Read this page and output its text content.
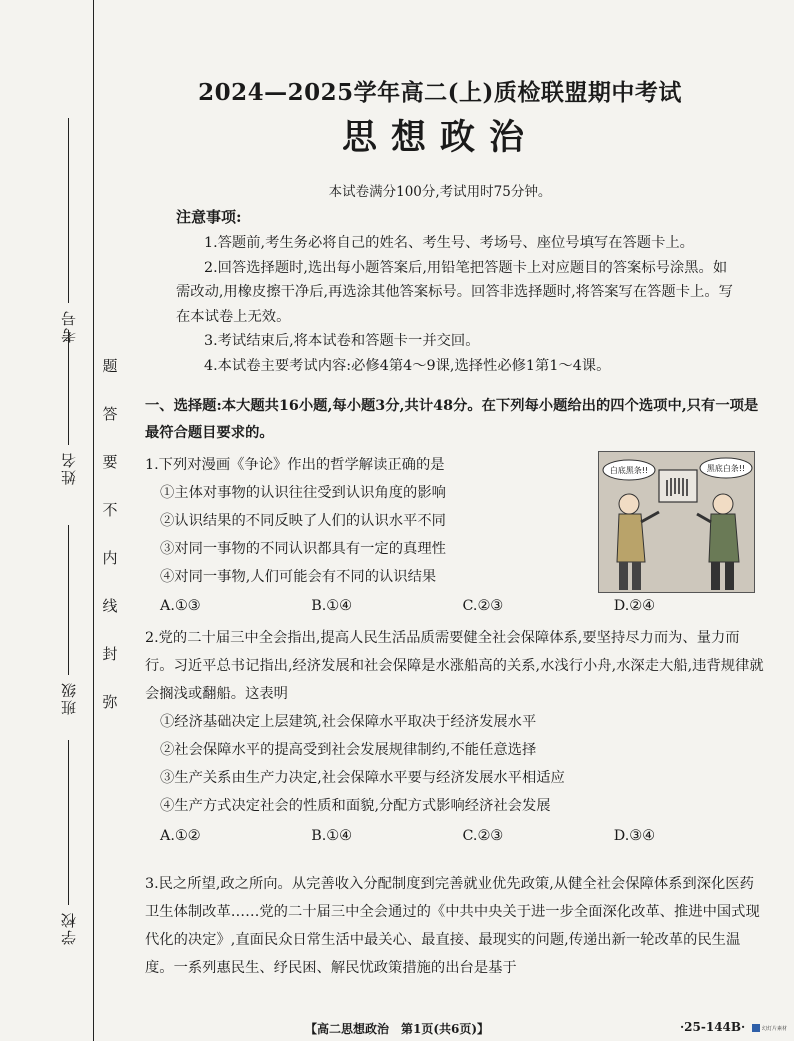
考号
姓名
班级
学校
题
答
要
不
内
线
封
弥
2024—2025学年高二(上)质检联盟期中考试
思想政治
本试卷满分100分,考试用时75分钟。
注意事项:

1.答题前,考生务必将自己的姓名、考生号、考场号、座位号填写在答题卡上。

2.回答选择题时,选出每小题答案后,用铅笔把答题卡上对应题目的答案标号涂黑。如需改动,用橡皮擦干净后,再选涂其他答案标号。回答非选择题时,将答案写在答题卡上。写在本试卷上无效。

3.考试结束后,将本试卷和答题卡一并交回。

4.本试卷主要考试内容:必修4第4～9课,选择性必修1第1～4课。

一、选择题:本大题共16小题,每小题3分,共计48分。在下列每小题给出的四个选项中,只有一项是最符合题目要求的。

1.下列对漫画《争论》作出的哲学解读正确的是

①主体对事物的认识往往受到认识角度的影响

②认识结果的不同反映了人们的认识水平不同

③对同一事物的不同认识都具有一定的真理性

④对同一事物,人们可能会有不同的认识结果

A.①③	B.①④	C.②③	D.②④
白底黑条!!	黑底白条!!

2.党的二十届三中全会指出,提高人民生活品质需要健全社会保障体系,要坚持尽力而为、量力而行。习近平总书记指出,经济发展和社会保障是水涨船高的关系,水浅行小舟,水深走大船,违背规律就会搁浅或翻船。这表明

①经济基础决定上层建筑,社会保障水平取决于经济发展水平

②社会保障水平的提高受到社会发展规律制约,不能任意选择

③生产关系由生产力决定,社会保障水平要与经济发展水平相适应

④生产方式决定社会的性质和面貌,分配方式影响经济社会发展

A.①②	B.①④	C.②③	D.③④

3.民之所望,政之所向。从完善收入分配制度到完善就业优先政策,从健全社会保障体系到深化医药卫生体制改革……党的二十届三中全会通过的《中共中央关于进一步全面深化改革、推进中国式现代化的决定》,直面民众日常生活中最关心、最直接、最现实的问题,传递出新一轮改革的民生温度。一系列惠民生、纾民困、解民忧政策措施的出台是基于

【高二思想政治　第1页(共6页)】	·25-144B·	幻灯片素材
